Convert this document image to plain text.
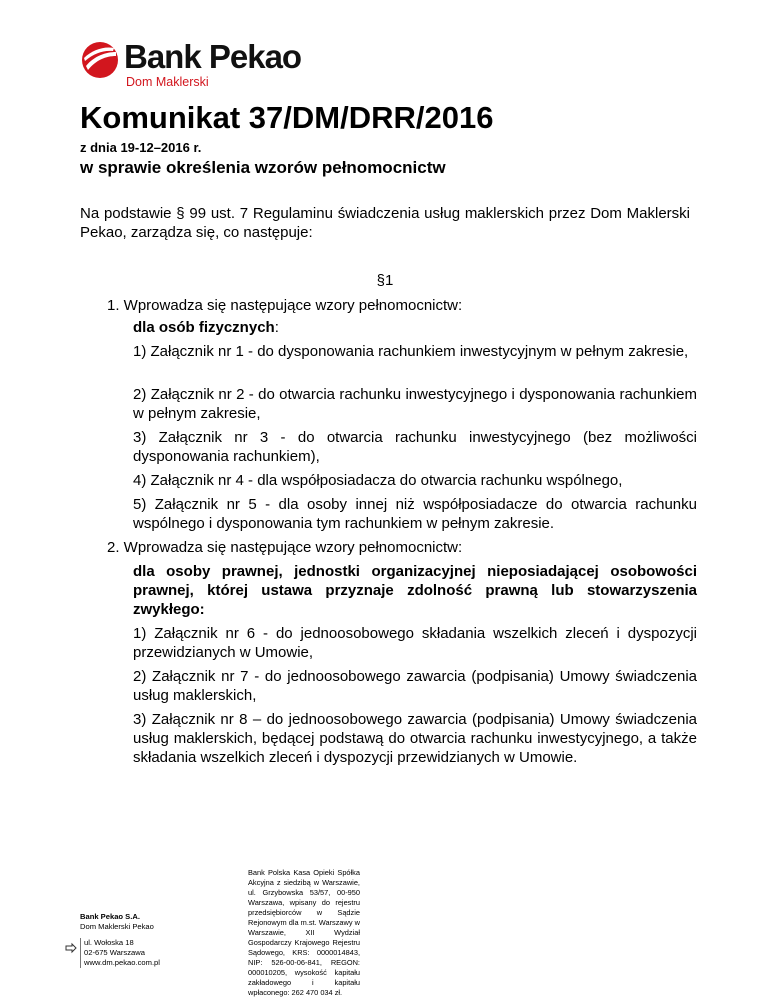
Bank Pekao
Dom Maklerski
Komunikat 37/DM/DRR/2016
z dnia 19-12–2016 r.
w sprawie określenia wzorów pełnomocnictw
Na podstawie § 99 ust. 7 Regulaminu świadczenia usług maklerskich przez Dom Maklerski Pekao, zarządza się, co następuje:
§1
1. Wprowadza się następujące wzory pełnomocnictw:
dla osób fizycznych:
1) Załącznik nr 1 - do dysponowania rachunkiem inwestycyjnym w pełnym zakresie,
2) Załącznik nr 2 - do otwarcia rachunku inwestycyjnego i dysponowania rachunkiem w pełnym zakresie,
3) Załącznik nr 3 - do otwarcia rachunku inwestycyjnego (bez możliwości dysponowania rachunkiem),
4) Załącznik nr 4 - dla współposiadacza do otwarcia rachunku wspólnego,
5) Załącznik nr 5 - dla osoby innej niż współposiadacze do otwarcia rachunku wspólnego i dysponowania tym rachunkiem w pełnym zakresie.
2. Wprowadza się następujące wzory pełnomocnictw:
dla osoby prawnej, jednostki organizacyjnej nieposiadającej osobowości prawnej, której ustawa przyznaje zdolność prawną lub stowarzyszenia zwykłego:
1) Załącznik nr 6 - do jednoosobowego składania wszelkich zleceń i dyspozycji przewidzianych w Umowie,
2) Załącznik nr 7 - do jednoosobowego zawarcia (podpisania) Umowy świadczenia usług maklerskich,
3) Załącznik nr 8 – do jednoosobowego zawarcia (podpisania) Umowy świadczenia usług maklerskich, będącej podstawą do otwarcia rachunku inwestycyjnego, a także składania wszelkich zleceń i dyspozycji przewidzianych w Umowie.
Bank Pekao S.A.
Dom Maklerski Pekao
ul. Wołoska 18
02-675 Warszawa
www.dm.pekao.com.pl
Bank Polska Kasa Opieki Spółka Akcyjna z siedzibą w Warszawie, ul. Grzybowska 53/57, 00-950 Warszawa, wpisany do rejestru przedsiębiorców w Sądzie Rejonowym dla m.st. Warszawy w Warszawie, XII Wydział Gospodarczy Krajowego Rejestru Sądowego, KRS: 0000014843, NIP: 526-00-06-841, REGON: 000010205, wysokość kapitału zakładowego i kapitału wpłaconego: 262 470 034 zł.
